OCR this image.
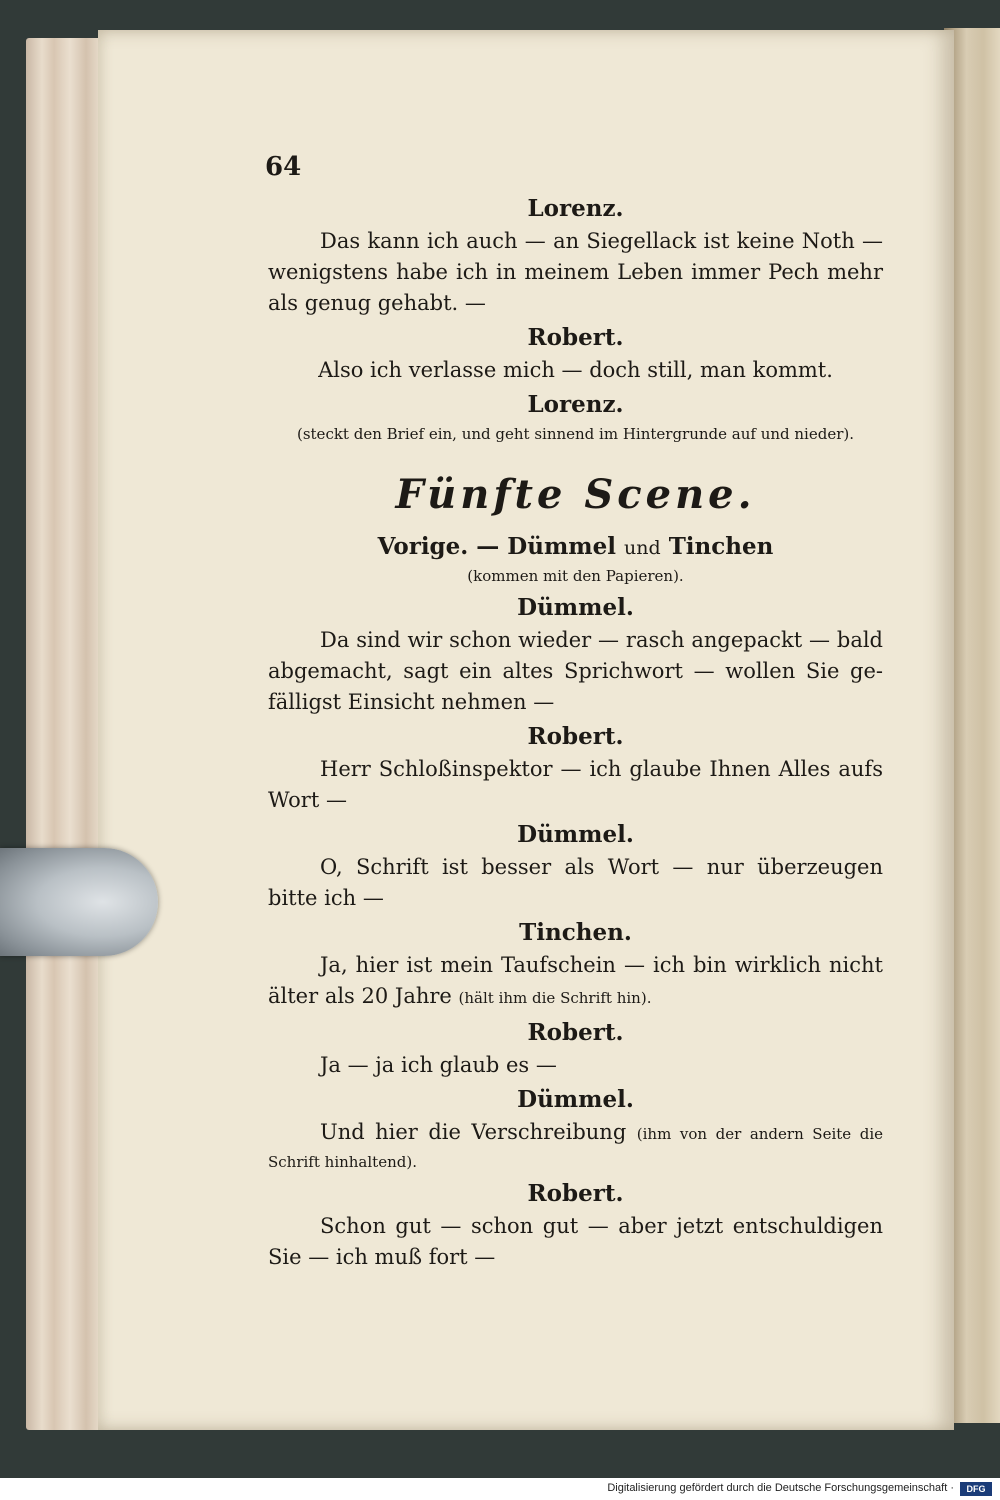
64
Lorenz.
Das kann ich auch — an Siegellack ist keine Noth —
wenigstens habe ich in meinem Leben immer Pech mehr
als genug gehabt. —
Robert.
Also ich verlasse mich — doch still, man kommt.
Lorenz.
(steckt den Brief ein, und geht sinnend im Hintergrunde auf und nieder).
Fünfte Scene.
Vorige. — Dümmel und Tinchen
(kommen mit den Papieren).
Dümmel.
Da sind wir schon wieder — rasch angepackt — bald
abgemacht, sagt ein altes Sprichwort — wollen Sie ge-
fälligst Einsicht nehmen —
Robert.
Herr Schloßinspektor — ich glaube Ihnen Alles aufs
Wort —
Dümmel.
O, Schrift ist besser als Wort — nur überzeugen
bitte ich —
Tinchen.
Ja, hier ist mein Taufschein — ich bin wirklich nicht
älter als 20 Jahre (hält ihm die Schrift hin).
Robert.
Ja — ja ich glaub es —
Dümmel.
Und hier die Verschreibung (ihm von der andern Seite die
Schrift hinhaltend).
Robert.
Schon gut — schon gut — aber jetzt entschuldigen
Sie — ich muß fort —
Digitalisierung gefördert durch die Deutsche Forschungsgemeinschaft ·	DFG
